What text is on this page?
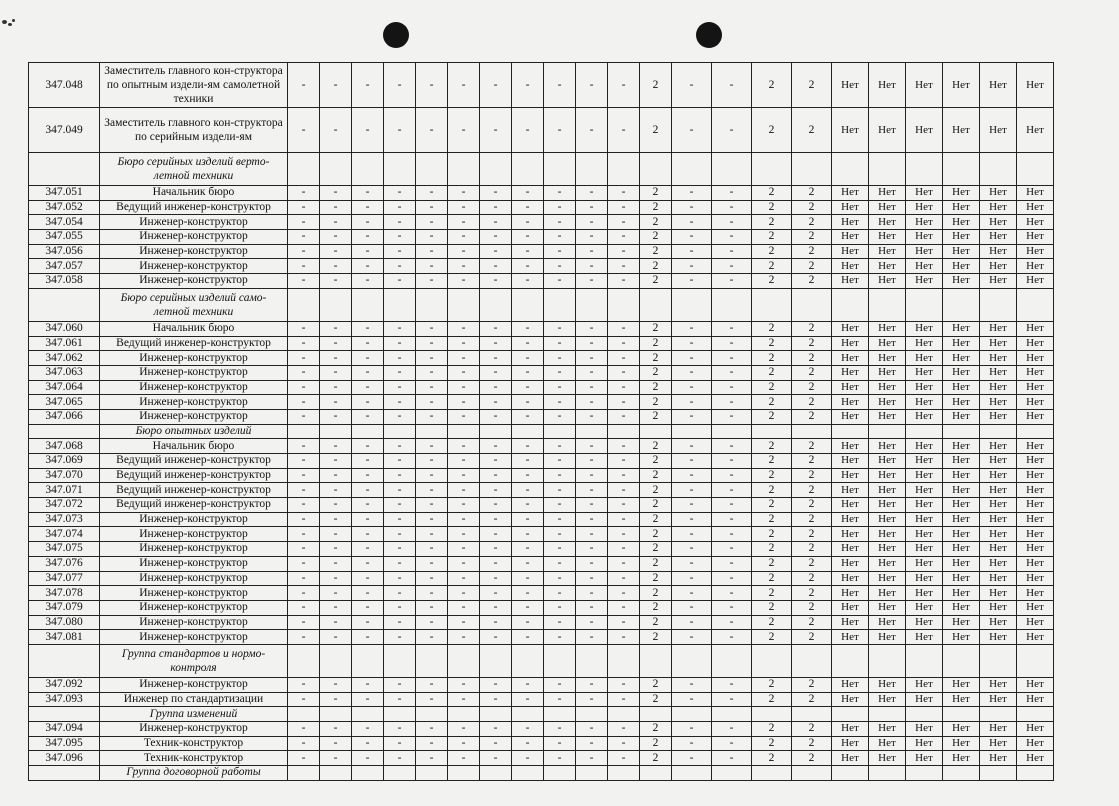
347.048	Заместитель главного кон-структора по опытным издели-ям самолетной техники	-	-	-	-	-	-	-	-	-	-	-	2	-	-	2	2	Нет	Нет	Нет	Нет	Нет	Нет
347.049	Заместитель главного кон-структора по серийным издели-ям	-	-	-	-	-	-	-	-	-	-	-	2	-	-	2	2	Нет	Нет	Нет	Нет	Нет	Нет
	Бюро серийных изделий верто-летной техники																						
347.051	Начальник бюро	-	-	-	-	-	-	-	-	-	-	-	2	-	-	2	2	Нет	Нет	Нет	Нет	Нет	Нет
347.052	Ведущий инженер-конструктор	-	-	-	-	-	-	-	-	-	-	-	2	-	-	2	2	Нет	Нет	Нет	Нет	Нет	Нет
347.054	Инженер-конструктор	-	-	-	-	-	-	-	-	-	-	-	2	-	-	2	2	Нет	Нет	Нет	Нет	Нет	Нет
347.055	Инженер-конструктор	-	-	-	-	-	-	-	-	-	-	-	2	-	-	2	2	Нет	Нет	Нет	Нет	Нет	Нет
347.056	Инженер-конструктор	-	-	-	-	-	-	-	-	-	-	-	2	-	-	2	2	Нет	Нет	Нет	Нет	Нет	Нет
347.057	Инженер-конструктор	-	-	-	-	-	-	-	-	-	-	-	2	-	-	2	2	Нет	Нет	Нет	Нет	Нет	Нет
347.058	Инженер-конструктор	-	-	-	-	-	-	-	-	-	-	-	2	-	-	2	2	Нет	Нет	Нет	Нет	Нет	Нет
	Бюро серийных изделий само-летной техники																						
347.060	Начальник бюро	-	-	-	-	-	-	-	-	-	-	-	2	-	-	2	2	Нет	Нет	Нет	Нет	Нет	Нет
347.061	Ведущий инженер-конструктор	-	-	-	-	-	-	-	-	-	-	-	2	-	-	2	2	Нет	Нет	Нет	Нет	Нет	Нет
347.062	Инженер-конструктор	-	-	-	-	-	-	-	-	-	-	-	2	-	-	2	2	Нет	Нет	Нет	Нет	Нет	Нет
347.063	Инженер-конструктор	-	-	-	-	-	-	-	-	-	-	-	2	-	-	2	2	Нет	Нет	Нет	Нет	Нет	Нет
347.064	Инженер-конструктор	-	-	-	-	-	-	-	-	-	-	-	2	-	-	2	2	Нет	Нет	Нет	Нет	Нет	Нет
347.065	Инженер-конструктор	-	-	-	-	-	-	-	-	-	-	-	2	-	-	2	2	Нет	Нет	Нет	Нет	Нет	Нет
347.066	Инженер-конструктор	-	-	-	-	-	-	-	-	-	-	-	2	-	-	2	2	Нет	Нет	Нет	Нет	Нет	Нет
	Бюро опытных изделий																						
347.068	Начальник бюро	-	-	-	-	-	-	-	-	-	-	-	2	-	-	2	2	Нет	Нет	Нет	Нет	Нет	Нет
347.069	Ведущий инженер-конструктор	-	-	-	-	-	-	-	-	-	-	-	2	-	-	2	2	Нет	Нет	Нет	Нет	Нет	Нет
347.070	Ведущий инженер-конструктор	-	-	-	-	-	-	-	-	-	-	-	2	-	-	2	2	Нет	Нет	Нет	Нет	Нет	Нет
347.071	Ведущий инженер-конструктор	-	-	-	-	-	-	-	-	-	-	-	2	-	-	2	2	Нет	Нет	Нет	Нет	Нет	Нет
347.072	Ведущий инженер-конструктор	-	-	-	-	-	-	-	-	-	-	-	2	-	-	2	2	Нет	Нет	Нет	Нет	Нет	Нет
347.073	Инженер-конструктор	-	-	-	-	-	-	-	-	-	-	-	2	-	-	2	2	Нет	Нет	Нет	Нет	Нет	Нет
347.074	Инженер-конструктор	-	-	-	-	-	-	-	-	-	-	-	2	-	-	2	2	Нет	Нет	Нет	Нет	Нет	Нет
347.075	Инженер-конструктор	-	-	-	-	-	-	-	-	-	-	-	2	-	-	2	2	Нет	Нет	Нет	Нет	Нет	Нет
347.076	Инженер-конструктор	-	-	-	-	-	-	-	-	-	-	-	2	-	-	2	2	Нет	Нет	Нет	Нет	Нет	Нет
347.077	Инженер-конструктор	-	-	-	-	-	-	-	-	-	-	-	2	-	-	2	2	Нет	Нет	Нет	Нет	Нет	Нет
347.078	Инженер-конструктор	-	-	-	-	-	-	-	-	-	-	-	2	-	-	2	2	Нет	Нет	Нет	Нет	Нет	Нет
347.079	Инженер-конструктор	-	-	-	-	-	-	-	-	-	-	-	2	-	-	2	2	Нет	Нет	Нет	Нет	Нет	Нет
347.080	Инженер-конструктор	-	-	-	-	-	-	-	-	-	-	-	2	-	-	2	2	Нет	Нет	Нет	Нет	Нет	Нет
347.081	Инженер-конструктор	-	-	-	-	-	-	-	-	-	-	-	2	-	-	2	2	Нет	Нет	Нет	Нет	Нет	Нет
	Группа стандартов и нормо-контроля																						
347.092	Инженер-конструктор	-	-	-	-	-	-	-	-	-	-	-	2	-	-	2	2	Нет	Нет	Нет	Нет	Нет	Нет
347.093	Инженер по стандартизации	-	-	-	-	-	-	-	-	-	-	-	2	-	-	2	2	Нет	Нет	Нет	Нет	Нет	Нет
	Группа изменений																						
347.094	Инженер-конструктор	-	-	-	-	-	-	-	-	-	-	-	2	-	-	2	2	Нет	Нет	Нет	Нет	Нет	Нет
347.095	Техник-конструктор	-	-	-	-	-	-	-	-	-	-	-	2	-	-	2	2	Нет	Нет	Нет	Нет	Нет	Нет
347.096	Техник-конструктор	-	-	-	-	-	-	-	-	-	-	-	2	-	-	2	2	Нет	Нет	Нет	Нет	Нет	Нет
	Группа договорной работы																						
